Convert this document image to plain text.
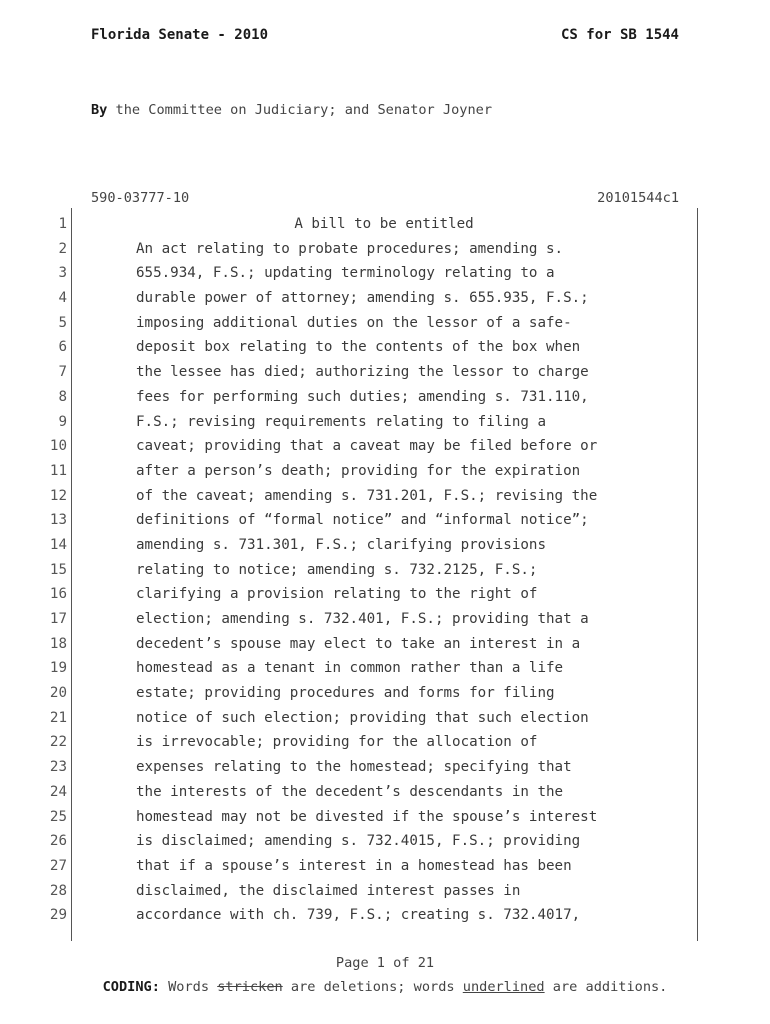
Florida Senate - 2010	CS for SB 1544
By the Committee on Judiciary; and Senator Joyner
590-03777-10	20101544c1
1	A bill to be entitled
2	An act relating to probate procedures; amending s.
3	655.934, F.S.; updating terminology relating to a
4	durable power of attorney; amending s. 655.935, F.S.;
5	imposing additional duties on the lessor of a safe-
6	deposit box relating to the contents of the box when
7	the lessee has died; authorizing the lessor to charge
8	fees for performing such duties; amending s. 731.110,
9	F.S.; revising requirements relating to filing a
10	caveat; providing that a caveat may be filed before or
11	after a person’s death; providing for the expiration
12	of the caveat; amending s. 731.201, F.S.; revising the
13	definitions of “formal notice” and “informal notice”;
14	amending s. 731.301, F.S.; clarifying provisions
15	relating to notice; amending s. 732.2125, F.S.;
16	clarifying a provision relating to the right of
17	election; amending s. 732.401, F.S.; providing that a
18	decedent’s spouse may elect to take an interest in a
19	homestead as a tenant in common rather than a life
20	estate; providing procedures and forms for filing
21	notice of such election; providing that such election
22	is irrevocable; providing for the allocation of
23	expenses relating to the homestead; specifying that
24	the interests of the decedent’s descendants in the
25	homestead may not be divested if the spouse’s interest
26	is disclaimed; amending s. 732.4015, F.S.; providing
27	that if a spouse’s interest in a homestead has been
28	disclaimed, the disclaimed interest passes in
29	accordance with ch. 739, F.S.; creating s. 732.4017,
Page 1 of 21
CODING: Words stricken are deletions; words underlined are additions.
